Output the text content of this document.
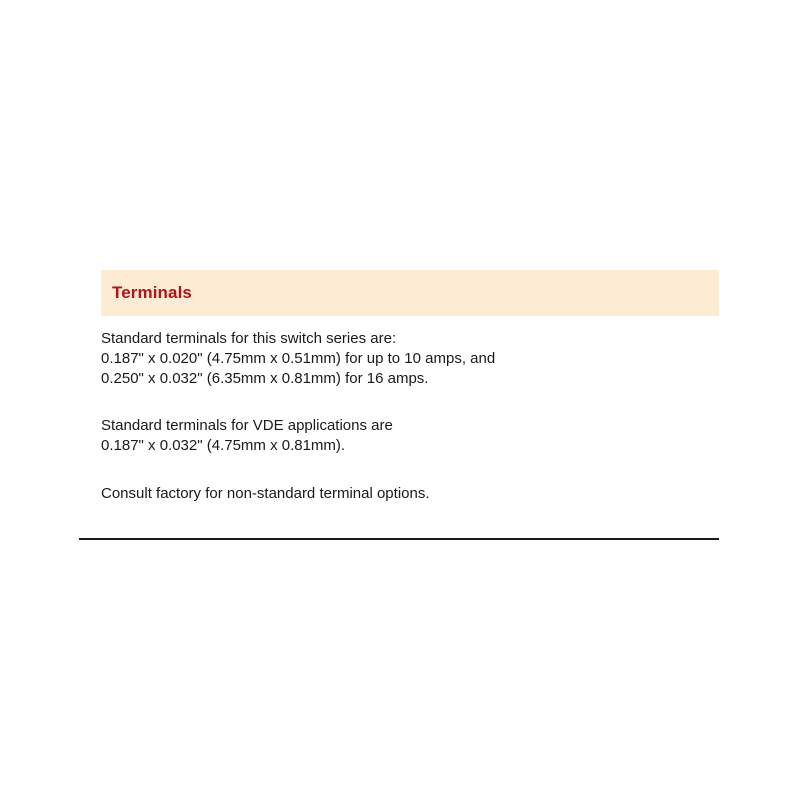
Terminals

Standard terminals for this switch series are:
0.187" x 0.020" (4.75mm x 0.51mm) for up to 10 amps, and
0.250" x 0.032" (6.35mm x 0.81mm) for 16 amps.

Standard terminals for VDE applications are
0.187" x 0.032" (4.75mm x 0.81mm).

Consult factory for non-standard terminal options.
